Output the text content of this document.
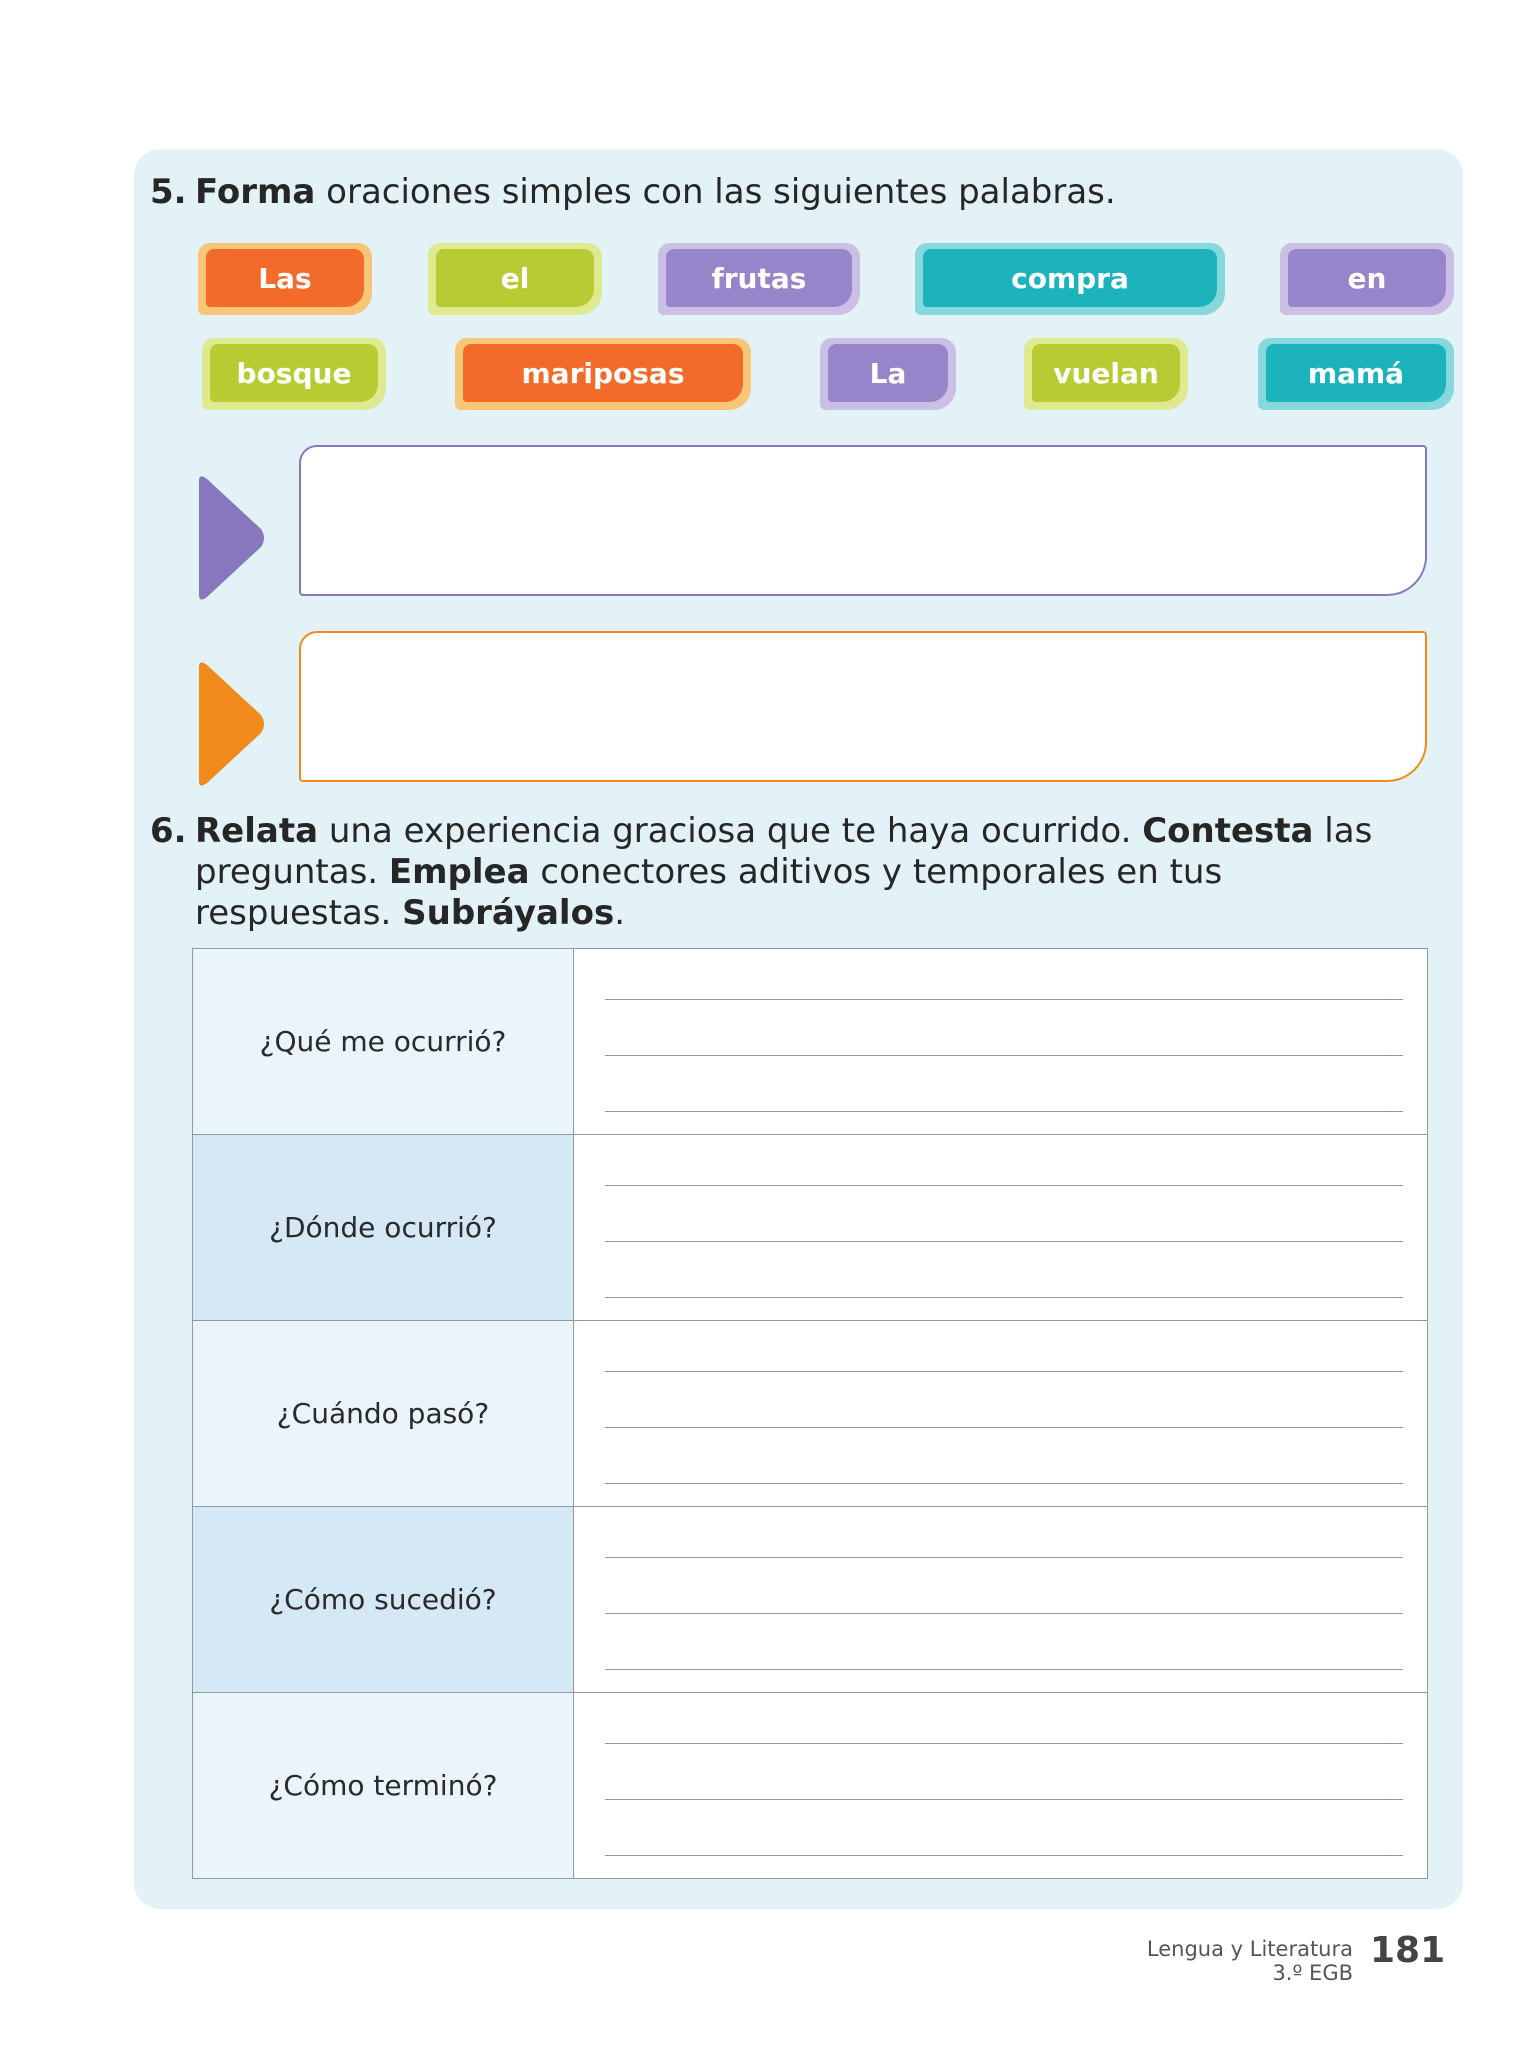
5. Forma oraciones simples con las siguientes palabras.
Las	el	frutas	compra	en
bosque	mariposas	La	vuelan	mamá
6. Relata una experiencia graciosa que te haya ocurrido. Contesta las preguntas. Emplea conectores aditivos y temporales en tus respuestas. Subráyalos.
¿Qué me ocurrió?	

¿Dónde ocurrió?	

¿Cuándo pasó?	

¿Cómo sucedió?	

¿Cómo terminó?	
Lengua y Literatura
3.º EGB
181
